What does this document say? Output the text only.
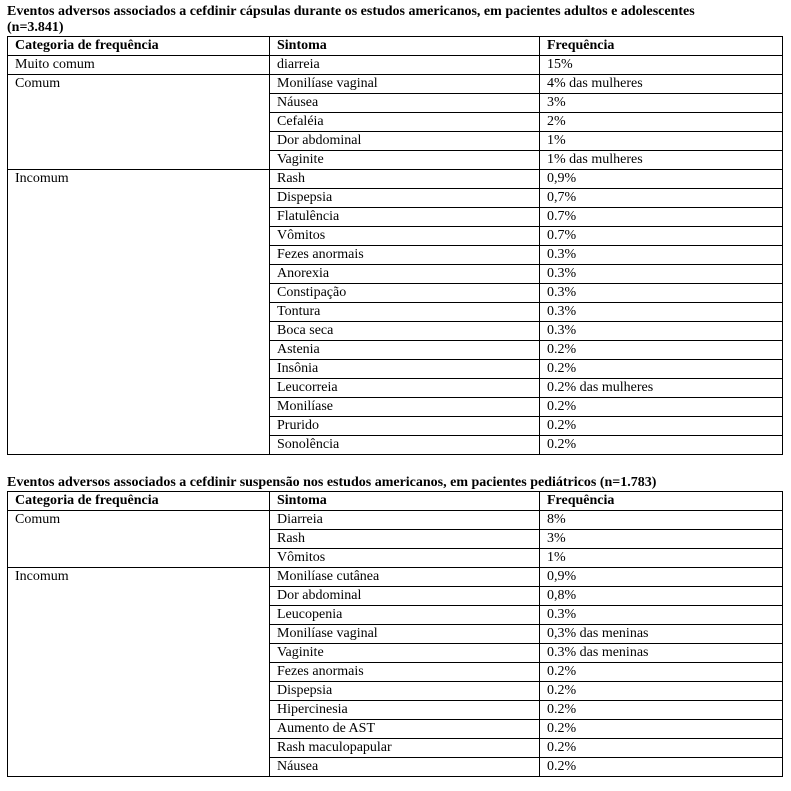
Eventos adversos associados a cefdinir cápsulas durante os estudos americanos, em pacientes adultos e adolescentes
(n=3.841)

Categoria de frequência	Sintoma	Frequência
Muito comum	diarreia	15%
Comum	Monilíase vaginal	4% das mulheres
	Náusea	3%
	Cefaléia	2%
	Dor abdominal	1%
	Vaginite	1% das mulheres
Incomum	Rash	0,9%
	Dispepsia	0,7%
	Flatulência	0.7%
	Vômitos	0.7%
	Fezes anormais	0.3%
	Anorexia	0.3%
	Constipação	0.3%
	Tontura	0.3%
	Boca seca	0.3%
	Astenia	0.2%
	Insônia	0.2%
	Leucorreia	0.2% das mulheres
	Monilíase	0.2%
	Prurido	0.2%
	Sonolência	0.2%

Eventos adversos associados a cefdinir suspensão nos estudos americanos, em pacientes pediátricos (n=1.783)

Categoria de frequência	Sintoma	Frequência
Comum	Diarreia	8%
	Rash	3%
	Vômitos	1%
Incomum	Monilíase cutânea	0,9%
	Dor abdominal	0,8%
	Leucopenia	0.3%
	Monilíase vaginal	0,3% das meninas
	Vaginite	0.3% das meninas
	Fezes anormais	0.2%
	Dispepsia	0.2%
	Hipercinesia	0.2%
	Aumento de AST	0.2%
	Rash maculopapular	0.2%
	Náusea	0.2%
